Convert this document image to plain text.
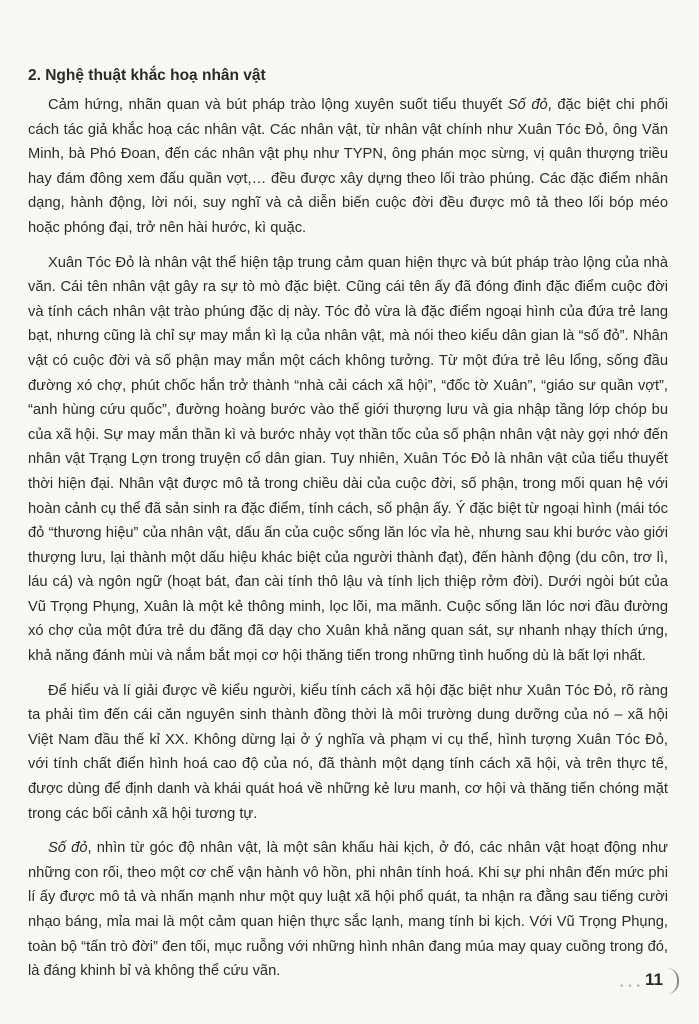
2. Nghệ thuật khắc hoạ nhân vật

Cảm hứng, nhãn quan và bút pháp trào lộng xuyên suốt tiểu thuyết Số đỏ, đặc biệt chi phối cách tác giả khắc hoạ các nhân vật. Các nhân vật, từ nhân vật chính như Xuân Tóc Đỏ, ông Văn Minh, bà Phó Đoan, đến các nhân vật phụ như TYPN, ông phán mọc sừng, vị quân thượng triều hay đám đông xem đấu quần vợt,… đều được xây dựng theo lối trào phúng. Các đặc điểm nhân dạng, hành động, lời nói, suy nghĩ và cả diễn biến cuộc đời đều được mô tả theo lối bóp méo hoặc phóng đại, trở nên hài hước, kì quặc.

Xuân Tóc Đỏ là nhân vật thể hiện tập trung cảm quan hiện thực và bút pháp trào lộng của nhà văn. Cái tên nhân vật gây ra sự tò mò đặc biệt. Cũng cái tên ấy đã đóng đinh đặc điểm cuộc đời và tính cách nhân vật trào phúng đặc dị này. Tóc đỏ vừa là đặc điểm ngoại hình của đứa trẻ lang bạt, nhưng cũng là chỉ sự may mắn kì lạ của nhân vật, mà nói theo kiểu dân gian là “số đỏ”. Nhân vật có cuộc đời và số phận may mắn một cách không tưởng. Từ một đứa trẻ lêu lổng, sống đầu đường xó chợ, phút chốc hắn trở thành “nhà cải cách xã hội”, “đốc tờ Xuân”, “giáo sư quần vợt”, “anh hùng cứu quốc”, đường hoàng bước vào thế giới thượng lưu và gia nhập tầng lớp chóp bu của xã hội. Sự may mắn thần kì và bước nhảy vọt thần tốc của số phận nhân vật này gợi nhớ đến nhân vật Trạng Lợn trong truyện cổ dân gian. Tuy nhiên, Xuân Tóc Đỏ là nhân vật của tiểu thuyết thời hiện đại. Nhân vật được mô tả trong chiều dài của cuộc đời, số phận, trong mối quan hệ với hoàn cảnh cụ thể đã sản sinh ra đặc điểm, tính cách, số phận ấy. Ý đặc biệt từ ngoại hình (mái tóc đỏ “thương hiệu” của nhân vật, dấu ấn của cuộc sống lăn lóc vỉa hè, nhưng sau khi bước vào giới thượng lưu, lại thành một dấu hiệu khác biệt của người thành đạt), đến hành động (du côn, trơ lì, láu cá) và ngôn ngữ (hoạt bát, đan cài tính thô lậu và tính lịch thiệp rởm đời). Dưới ngòi bút của Vũ Trọng Phụng, Xuân là một kẻ thông minh, lọc lõi, ma mãnh. Cuộc sống lăn lóc nơi đầu đường xó chợ của một đứa trẻ du đãng đã dạy cho Xuân khả năng quan sát, sự nhanh nhạy thích ứng, khả năng đánh mùi và nắm bắt mọi cơ hội thăng tiến trong những tình huống dù là bất lợi nhất.

Để hiểu và lí giải được về kiểu người, kiểu tính cách xã hội đặc biệt như Xuân Tóc Đỏ, rõ ràng ta phải tìm đến cái căn nguyên sinh thành đồng thời là môi trường dung dưỡng của nó – xã hội Việt Nam đầu thế kỉ XX. Không dừng lại ở ý nghĩa và phạm vi cụ thể, hình tượng Xuân Tóc Đỏ, với tính chất điển hình hoá cao độ của nó, đã thành một dạng tính cách xã hội, và trên thực tế, được dùng để định danh và khái quát hoá về những kẻ lưu manh, cơ hội và thăng tiến chóng mặt trong các bối cảnh xã hội tương tự.

Số đỏ, nhìn từ góc độ nhân vật, là một sân khấu hài kịch, ở đó, các nhân vật hoạt động như những con rối, theo một cơ chế vận hành vô hồn, phi nhân tính hoá. Khi sự phi nhân đến mức phi lí ấy được mô tả và nhấn mạnh như một quy luật xã hội phổ quát, ta nhận ra đằng sau tiếng cười nhạo báng, mỉa mai là một cảm quan hiện thực sắc lạnh, mang tính bi kịch. Với Vũ Trọng Phụng, toàn bộ “tấn trò đời” đen tối, mục ruỗng với những hình nhân đang múa may quay cuồng trong đó, là đáng khinh bỉ và không thể cứu vãn.

• • • 11
